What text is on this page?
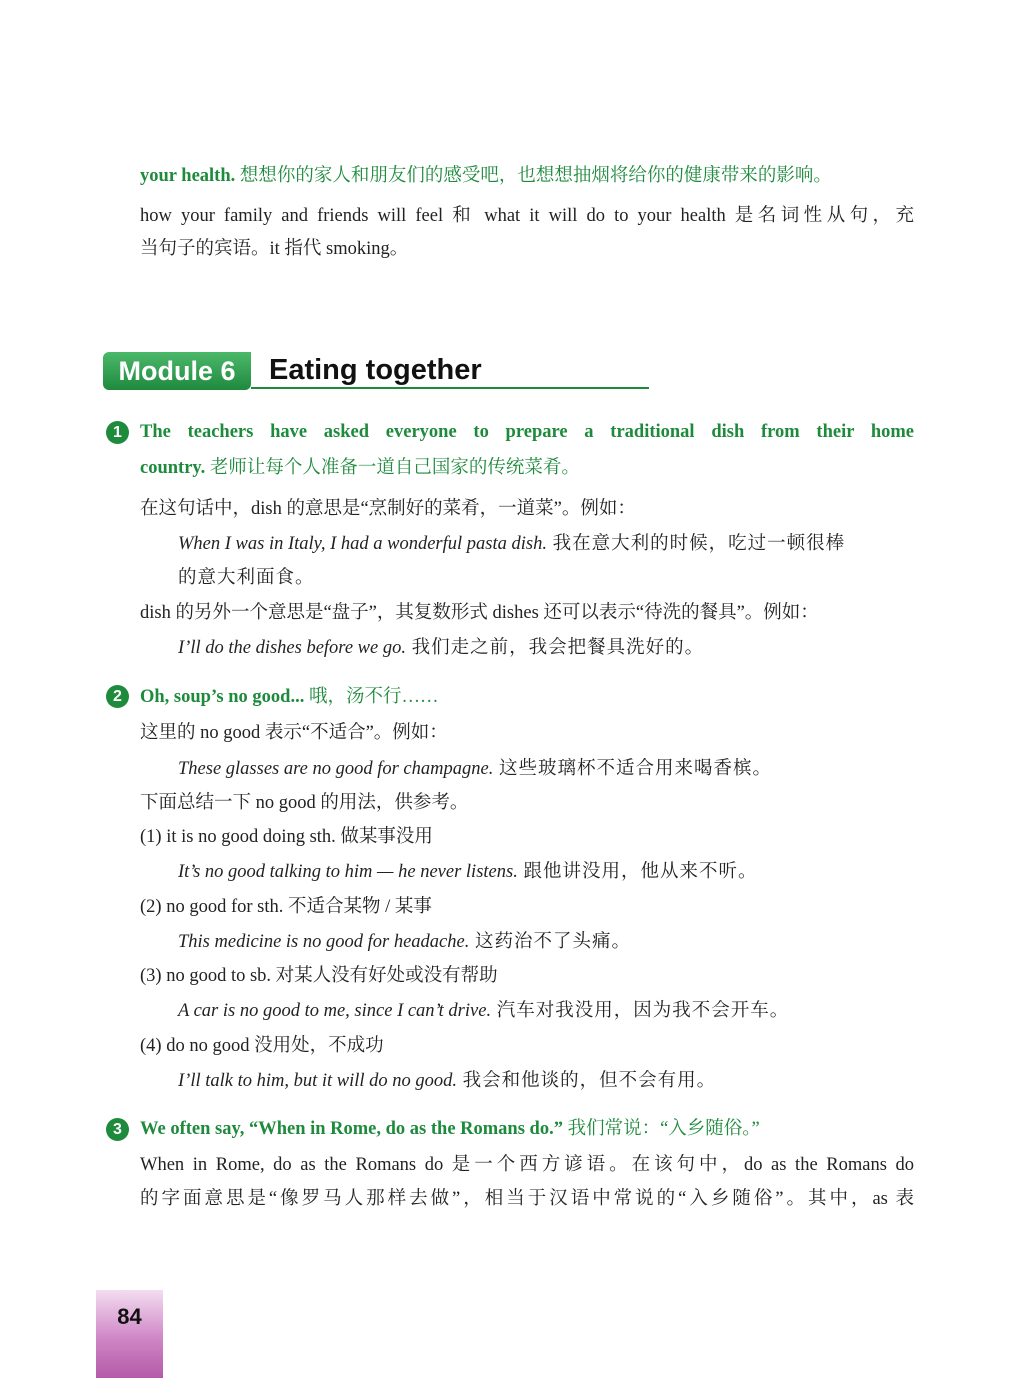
your health. 想想你的家人和朋友们的感受吧，也想想抽烟将给你的健康带来的影响。
how your family and friends will feel 和 what it will do to your health 是名词性从句，充
当句子的宾语。it 指代 smoking。
Module 6	Eating together
1 The teachers have asked everyone to prepare a traditional dish from their home
country. 老师让每个人准备一道自己国家的传统菜肴。
在这句话中，dish 的意思是“烹制好的菜肴，一道菜”。例如：
When I was in Italy, I had a wonderful pasta dish. 我在意大利的时候，吃过一顿很棒
的意大利面食。
dish 的另外一个意思是“盘子”，其复数形式 dishes 还可以表示“待洗的餐具”。例如：
I’ll do the dishes before we go. 我们走之前，我会把餐具洗好的。
2 Oh, soup’s no good... 哦，汤不行……
这里的 no good 表示“不适合”。例如：
These glasses are no good for champagne. 这些玻璃杯不适合用来喝香槟。
下面总结一下 no good 的用法，供参考。
(1) it is no good doing sth. 做某事没用
It’s no good talking to him — he never listens. 跟他讲没用，他从来不听。
(2) no good for sth. 不适合某物 / 某事
This medicine is no good for headache. 这药治不了头痛。
(3) no good to sb. 对某人没有好处或没有帮助
A car is no good to me, since I can’t drive. 汽车对我没用，因为我不会开车。
(4) do no good 没用处，不成功
I’ll talk to him, but it will do no good. 我会和他谈的，但不会有用。
3 We often say, “When in Rome, do as the Romans do.” 我们常说：“入乡随俗。”
When in Rome, do as the Romans do 是一个西方谚语。在该句中，do as the Romans do
的字面意思是“像罗马人那样去做”，相当于汉语中常说的“入乡随俗”。其中，as 表
84
